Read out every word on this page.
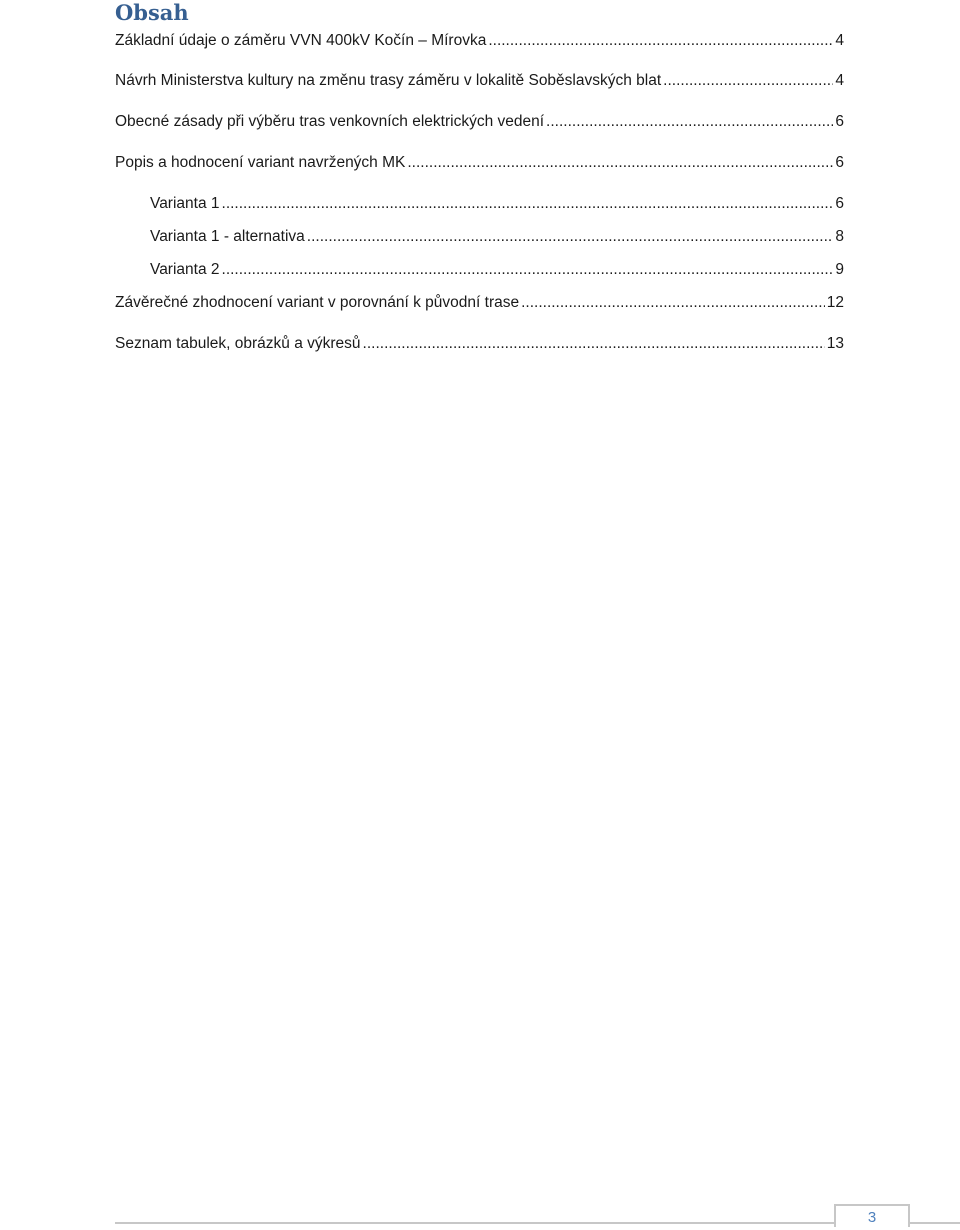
Obsah
Základní údaje o záměru VVN 400kV Kočín – Mírovka .....	4
Návrh Ministerstva kultury na změnu trasy záměru v lokalitě Soběslavských blat .....	4
Obecné zásady při výběru tras venkovních elektrických vedení .....	6
Popis a hodnocení variant navržených MK .....	6
Varianta 1 .....	6
Varianta 1 - alternativa .....	8
Varianta 2 .....	9
Závěrečné zhodnocení variant v porovnání k původní trase .....	12
Seznam tabulek, obrázků a výkresů .....	13
3
